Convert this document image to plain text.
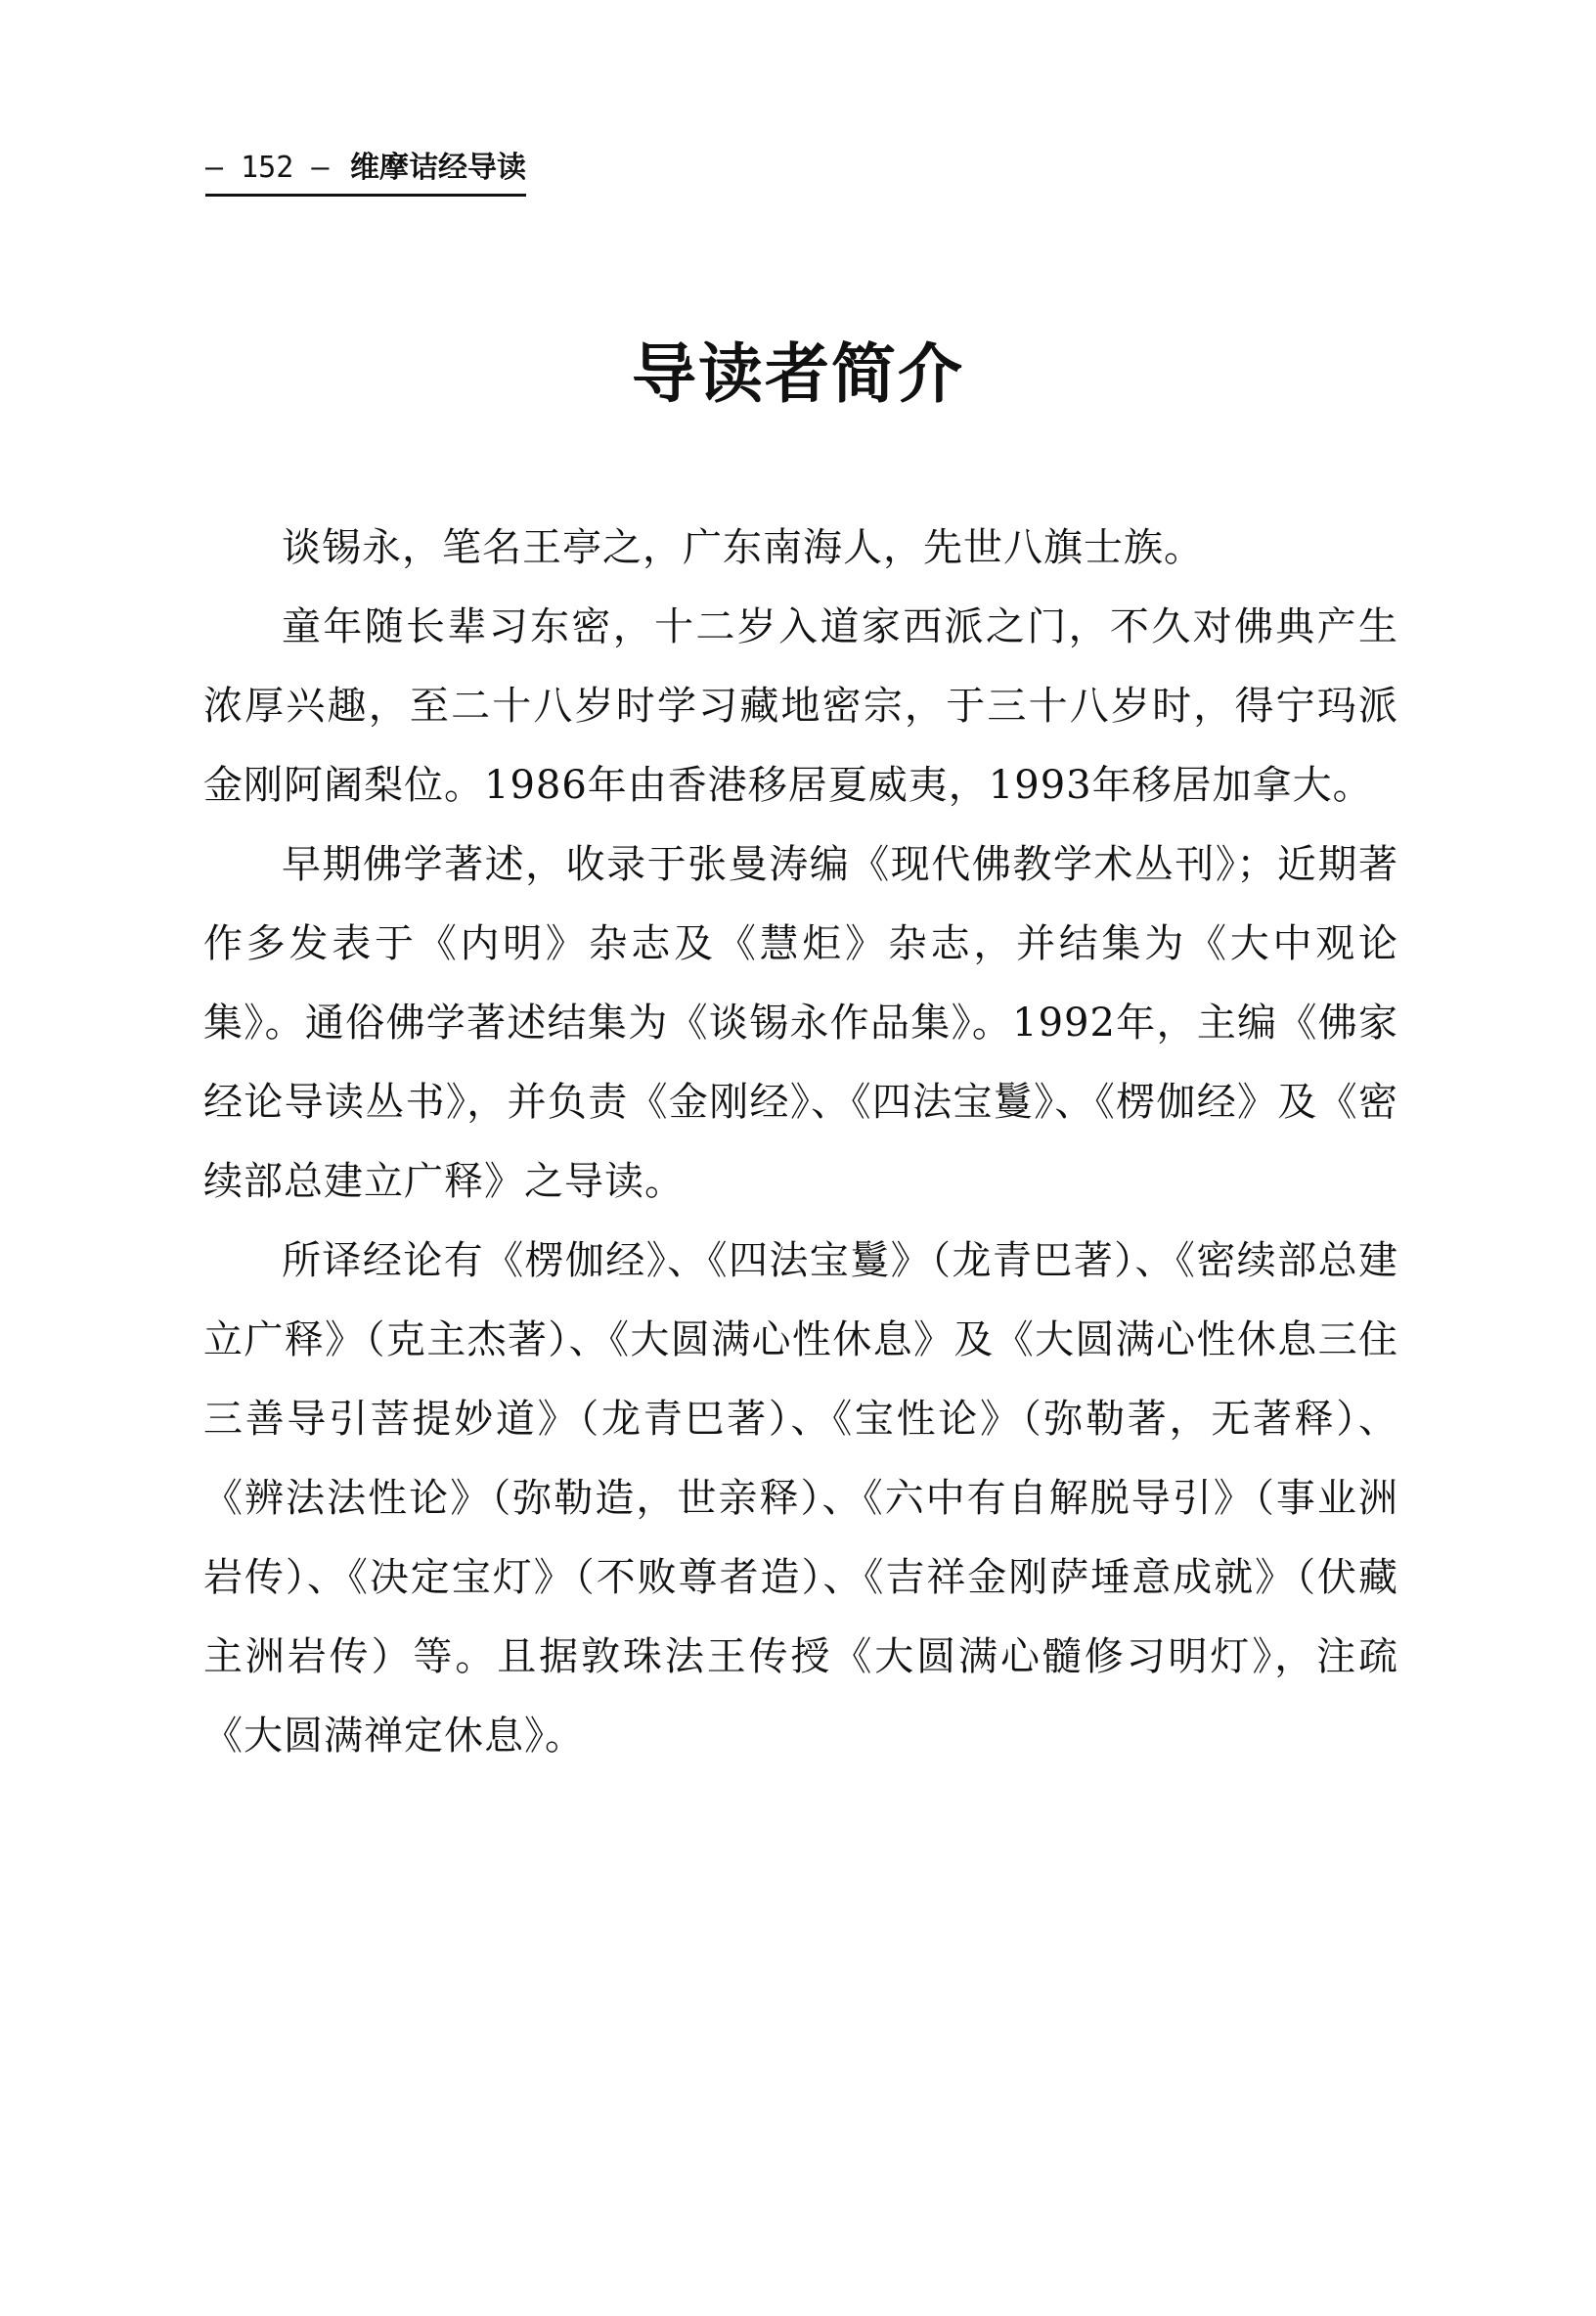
— 152 — 维摩诘经导读
导读者简介

谈锡永，笔名王亭之，广东南海人，先世八旗士族。

童年随长辈习东密，十二岁入道家西派之门，不久对佛典产生浓厚兴趣，至二十八岁时学习藏地密宗，于三十八岁时，得宁玛派金刚阿阇梨位。1986年由香港移居夏威夷，1993年移居加拿大。

早期佛学著述，收录于张曼涛编《现代佛教学术丛刊》；近期著作多发表于《内明》杂志及《慧炬》杂志，并结集为《大中观论集》。通俗佛学著述结集为《谈锡永作品集》。1992年，主编《佛家经论导读丛书》，并负责《金刚经》、《四法宝鬘》、《楞伽经》及《密续部总建立广释》之导读。

所译经论有《楞伽经》、《四法宝鬘》（龙青巴著）、《密续部总建立广释》（克主杰著）、《大圆满心性休息》及《大圆满心性休息三住三善导引菩提妙道》（龙青巴著）、《宝性论》（弥勒著，无著释）、《辨法法性论》（弥勒造，世亲释）、《六中有自解脱导引》（事业洲岩传）、《决定宝灯》（不败尊者造）、《吉祥金刚萨埵意成就》（伏藏主洲岩传）等。且据敦珠法王传授《大圆满心髓修习明灯》，注疏《大圆满禅定休息》。
